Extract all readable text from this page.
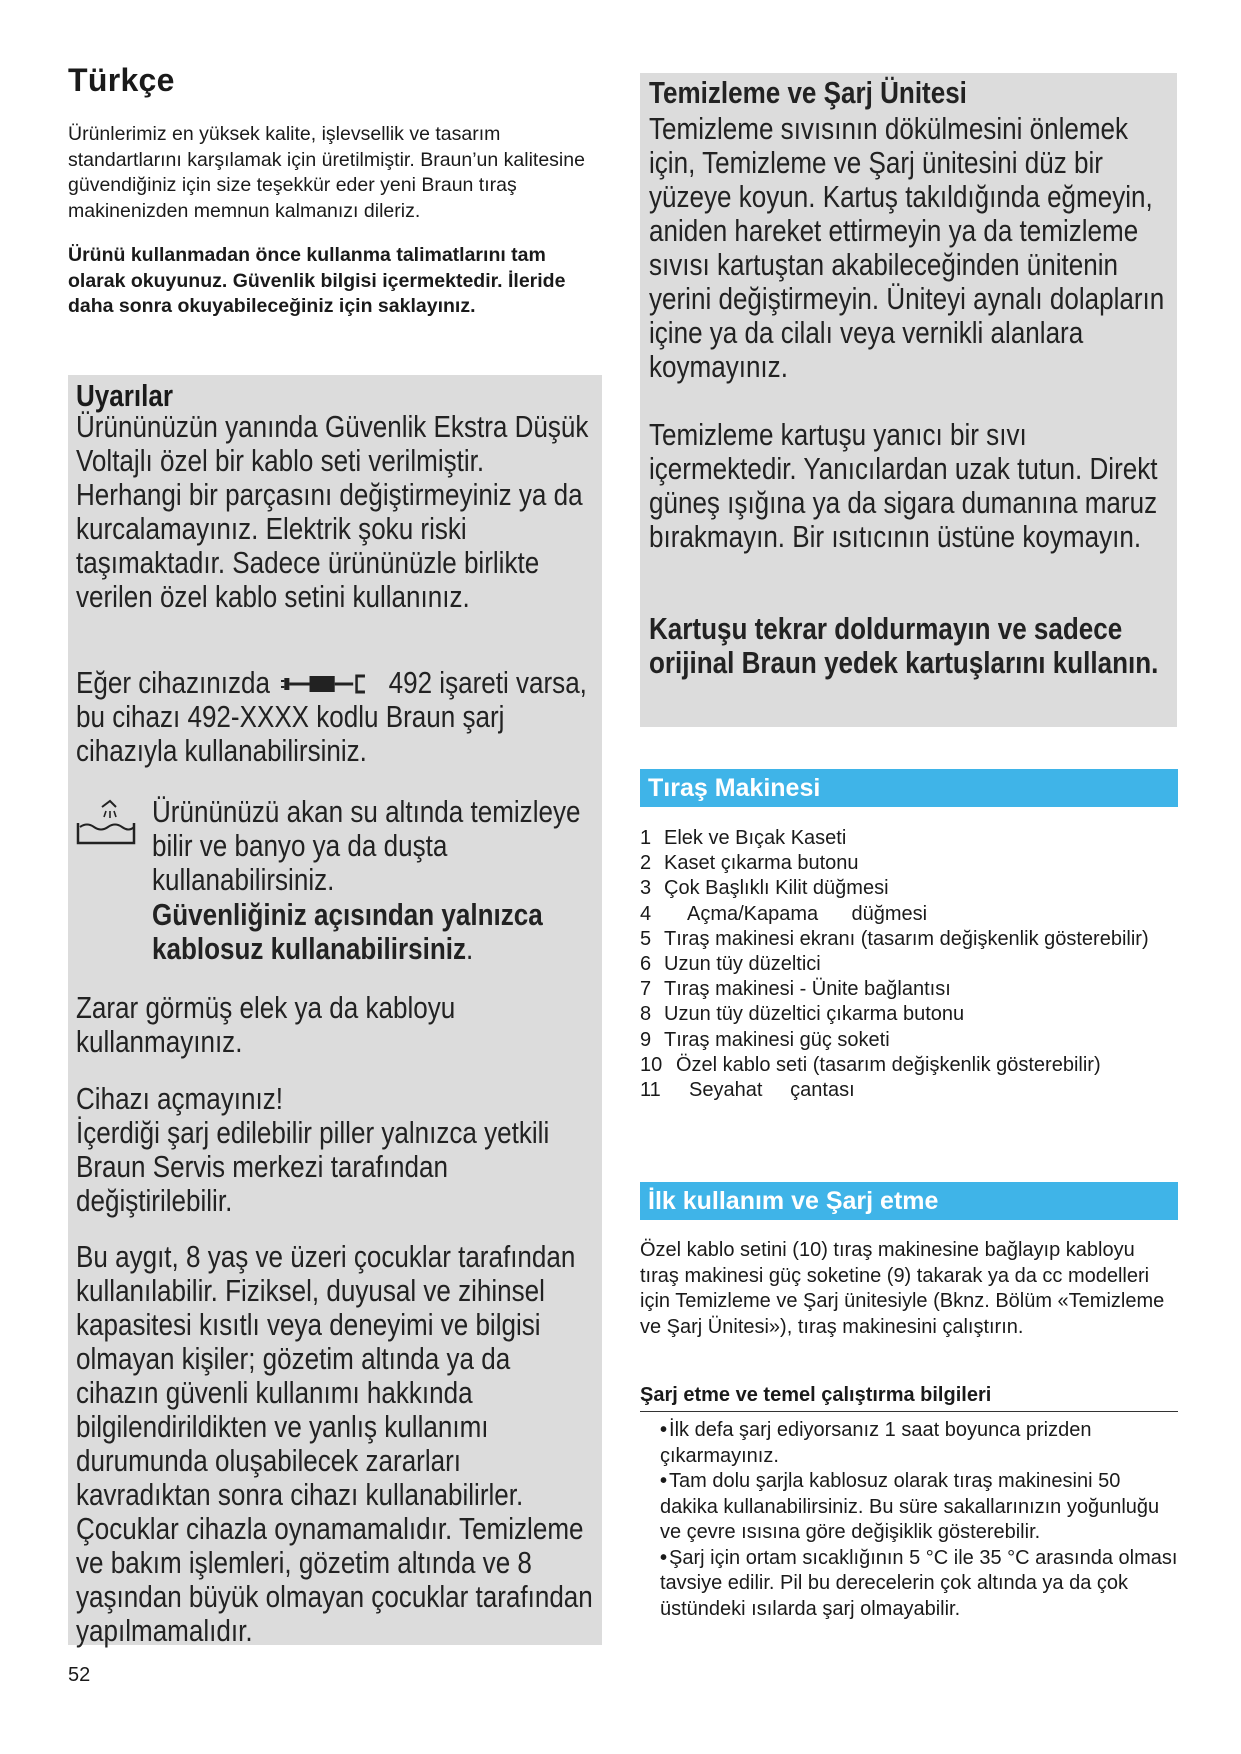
Türkçe

Ürünlerimiz en yüksek kalite, işlevsellik ve tasarım standartlarını karşılamak için üretilmiştir. Braun’un kalitesine güvendiğiniz için size teşekkür eder yeni Braun tıraş makinenizden memnun kalmanızı dileriz.

Ürünü kullanmadan önce kullanma talimatlarını tam olarak okuyunuz. Güvenlik bilgisi içermektedir. İleride daha sonra okuyabileceğiniz için saklayınız.

Uyarılar

Ürününüzün yanında Güvenlik Ekstra Düşük Voltajlı özel bir kablo seti verilmiştir. Herhangi bir parçasını değiştirmeyiniz ya da kurcalamayınız. Elektrik şoku riski taşımaktadır. Sadece ürününüzle birlikte verilen özel kablo setini kullanınız.

Eğer cihazınızda	492 işareti varsa, bu cihazı 492-XXXX kodlu Braun şarj cihazıyla kullanabilirsiniz.

Ürününüzü akan su altında temizleye bilir ve banyo ya da duşta kullanabilirsiniz.

Güvenliğiniz açısından yalnızca kablosuz kullanabilirsiniz.

Zarar görmüş elek ya da kabloyu kullanmayınız.

Cihazı açmayınız!

İçerdiği şarj edilebilir piller yalnızca yetkili Braun Servis merkezi tarafından değiştirilebilir.

Bu aygıt, 8 yaş ve üzeri çocuklar tarafından kullanılabilir. Fiziksel, duyusal ve zihinsel kapasitesi kısıtlı veya deneyimi ve bilgisi olmayan kişiler; gözetim altında ya da cihazın güvenli kullanımı hakkında bilgilendirildikten ve yanlış kullanımı durumunda oluşabilecek zararları kavradıktan sonra cihazı kullanabilirler. Çocuklar cihazla oynamamalıdır. Temizleme ve bakım işlemleri, gözetim altında ve 8 yaşından büyük olmayan çocuklar tarafından yapılmamalıdır.

52
Temizleme ve Şarj Ünitesi

Temizleme sıvısının dökülmesini önlemek için, Temizleme ve Şarj ünitesini düz bir yüzeye koyun. Kartuş takıldığında eğmeyin, aniden hareket ettirmeyin ya da temizleme sıvısı kartuştan akabileceğinden ünitenin yerini değiştirmeyin. Üniteyi aynalı dolapların içine ya da cilalı veya vernikli alanlara koymayınız.

Temizleme kartuşu yanıcı bir sıvı içermektedir. Yanıcılardan uzak tutun. Direkt güneş ışığına ya da sigara dumanına maruz bırakmayın. Bir ısıtıcının üstüne koymayın.

Kartuşu tekrar doldurmayın ve sadece orijinal Braun yedek kartuşlarını kullanın.

Tıraş Makinesi
1 Elek ve Bıçak Kaseti
2 Kaset çıkarma butonu
3 Çok Başlıklı Kilit düğmesi
4 Açma/Kapama      düğmesi
5 Tıraş makinesi ekranı (tasarım değişkenlik gösterebilir)
6 Uzun tüy düzeltici
7 Tıraş makinesi - Ünite bağlantısı
8 Uzun tüy düzeltici çıkarma butonu
9 Tıraş makinesi güç soketi
10 Özel kablo seti (tasarım değişkenlik gösterebilir)
11 Seyahat     çantası
İlk kullanım ve Şarj etme

Özel kablo setini (10) tıraş makinesine bağlayıp kabloyu tıraş makinesi güç soketine (9) takarak ya da cc modelleri için Temizleme ve Şarj ünitesiyle (Bknz. Bölüm «Temizleme ve Şarj Ünitesi»), tıraş makinesini çalıştırın.

Şarj etme ve temel çalıştırma bilgileri
• İlk defa şarj ediyorsanız 1 saat boyunca prizden çıkarmayınız.
• Tam dolu şarjla kablosuz olarak tıraş makinesini 50 dakika kullanabilirsiniz. Bu süre sakallarınızın yoğunluğu ve çevre ısısına göre değişiklik gösterebilir.
• Şarj için ortam sıcaklığının 5 °C ile 35 °C arasında olması tavsiye edilir. Pil bu derecelerin çok altında ya da çok üstündeki ısılarda şarj olmayabilir.
